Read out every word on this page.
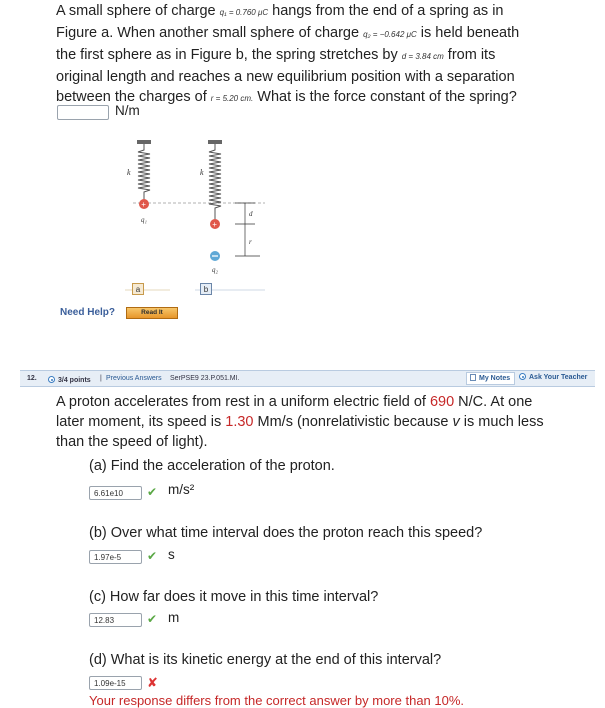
A small sphere of charge q₁ = 0.760 μC hangs from the end of a spring as in
Figure a. When another small sphere of charge q₂ = −0.642 μC is held beneath
the first sphere as in Figure b, the spring stretches by d = 3.84 cm from its
original length and reaches a new equilibrium position with a separation
between the charges of r = 5.20 cm. What is the force constant of the spring?
N/m
+
+
k	k
q₁
q₂
d
r
a	b
Need Help?	Read It
12.	3/4 points | Previous Answers SerPSE9 23.P.051.MI.	My Notes	Ask Your Teacher
A proton accelerates from rest in a uniform electric field of 690 N/C. At one
later moment, its speed is 1.30 Mm/s (nonrelativistic because v is much less
than the speed of light).
(a) Find the acceleration of the proton.
6.61e10	✔ m/s²
(b) Over what time interval does the proton reach this speed?
1.97e-5	✔ s
(c) How far does it move in this time interval?
12.83	✔ m
(d) What is its kinetic energy at the end of this interval?
1.09e-15	✘
Your response differs from the correct answer by more than 10%.
